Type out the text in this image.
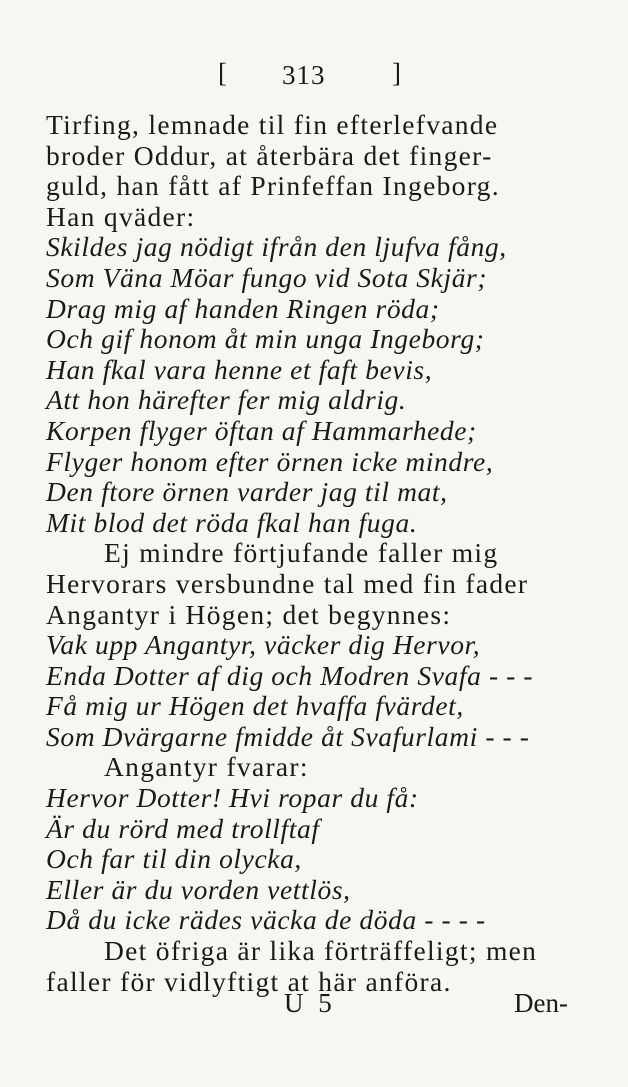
[ 313 ]
Tirfing, lemnade til fin efterlefvande
broder Oddur, at återbära det finger-
guld, han fått af Prinfeffan Ingeborg.
Han qväder:
Skildes jag nödigt ifrån den ljufva fång,
Som Väna Möar fungo vid Sota Skjär;
Drag mig af handen Ringen röda;
Och gif honom åt min unga Ingeborg;
Han fkal vara henne et faft bevis,
Att hon härefter fer mig aldrig.
Korpen flyger öftan af Hammarhede;
Flyger honom efter örnen icke mindre,
Den ftore örnen varder jag til mat,
Mit blod det röda fkal han fuga.
Ej mindre förtjufande faller mig
Hervorars versbundne tal med fin fader
Angantyr i Högen; det begynnes:
Vak upp Angantyr, väcker dig Hervor,
Enda Dotter af dig och Modren Svafa - - -
Få mig ur Högen det hvaffa fvärdet,
Som Dvärgarne fmidde åt Svafurlami - - -
Angantyr fvarar:
Hervor Dotter! Hvi ropar du få:
Är du rörd med trollftaf
Och far til din olycka,
Eller är du vorden vettlös,
Då du icke rädes väcka de döda - - - -
Det öfriga är lika förträffeligt; men
faller för vidlyftigt at här anföra.
U 5	Den-
